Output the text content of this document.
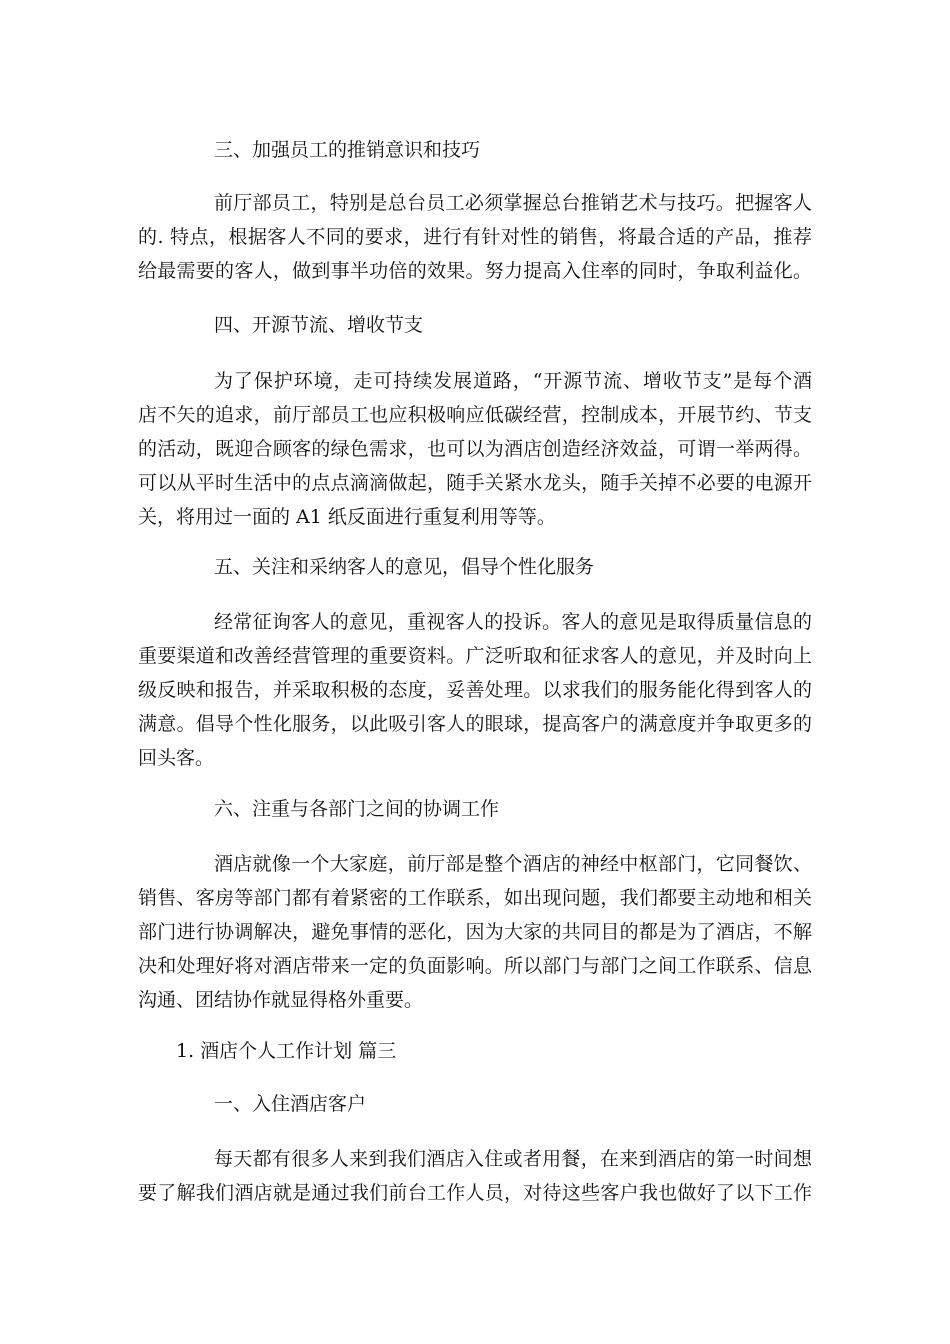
三、加强员工的推销意识和技巧
前厅部员工，特别是总台员工必须掌握总台推销艺术与技巧。把握客人
的. 特点，根据客人不同的要求，进行有针对性的销售，将最合适的产品，推荐
给最需要的客人，做到事半功倍的效果。努力提高入住率的同时，争取利益化。
四、开源节流、增收节支
为了保护环境，走可持续发展道路，“开源节流、增收节支”是每个酒
店不矢的追求，前厅部员工也应积极响应低碳经营，控制成本，开展节约、节支
的活动，既迎合顾客的绿色需求，也可以为酒店创造经济效益，可谓一举两得。
可以从平时生活中的点点滴滴做起，随手关紧水龙头，随手关掉不必要的电源开
关，将用过一面的 A1 纸反面进行重复利用等等。
五、关注和采纳客人的意见，倡导个性化服务
经常征询客人的意见，重视客人的投诉。客人的意见是取得质量信息的
重要渠道和改善经营管理的重要资料。广泛听取和征求客人的意见，并及时向上
级反映和报告，并采取积极的态度，妥善处理。以求我们的服务能化得到客人的
满意。倡导个性化服务，以此吸引客人的眼球，提高客户的满意度并争取更多的
回头客。
六、注重与各部门之间的协调工作
酒店就像一个大家庭，前厅部是整个酒店的神经中枢部门，它同餐饮、
销售、客房等部门都有着紧密的工作联系，如出现问题，我们都要主动地和相关
部门进行协调解决，避免事情的恶化，因为大家的共同目的都是为了酒店，不解
决和处理好将对酒店带来一定的负面影响。所以部门与部门之间工作联系、信息
沟通、团结协作就显得格外重要。
1. 酒店个人工作计划 篇三
一、入住酒店客户
每天都有很多人来到我们酒店入住或者用餐，在来到酒店的第一时间想
要了解我们酒店就是通过我们前台工作人员，对待这些客户我也做好了以下工作
